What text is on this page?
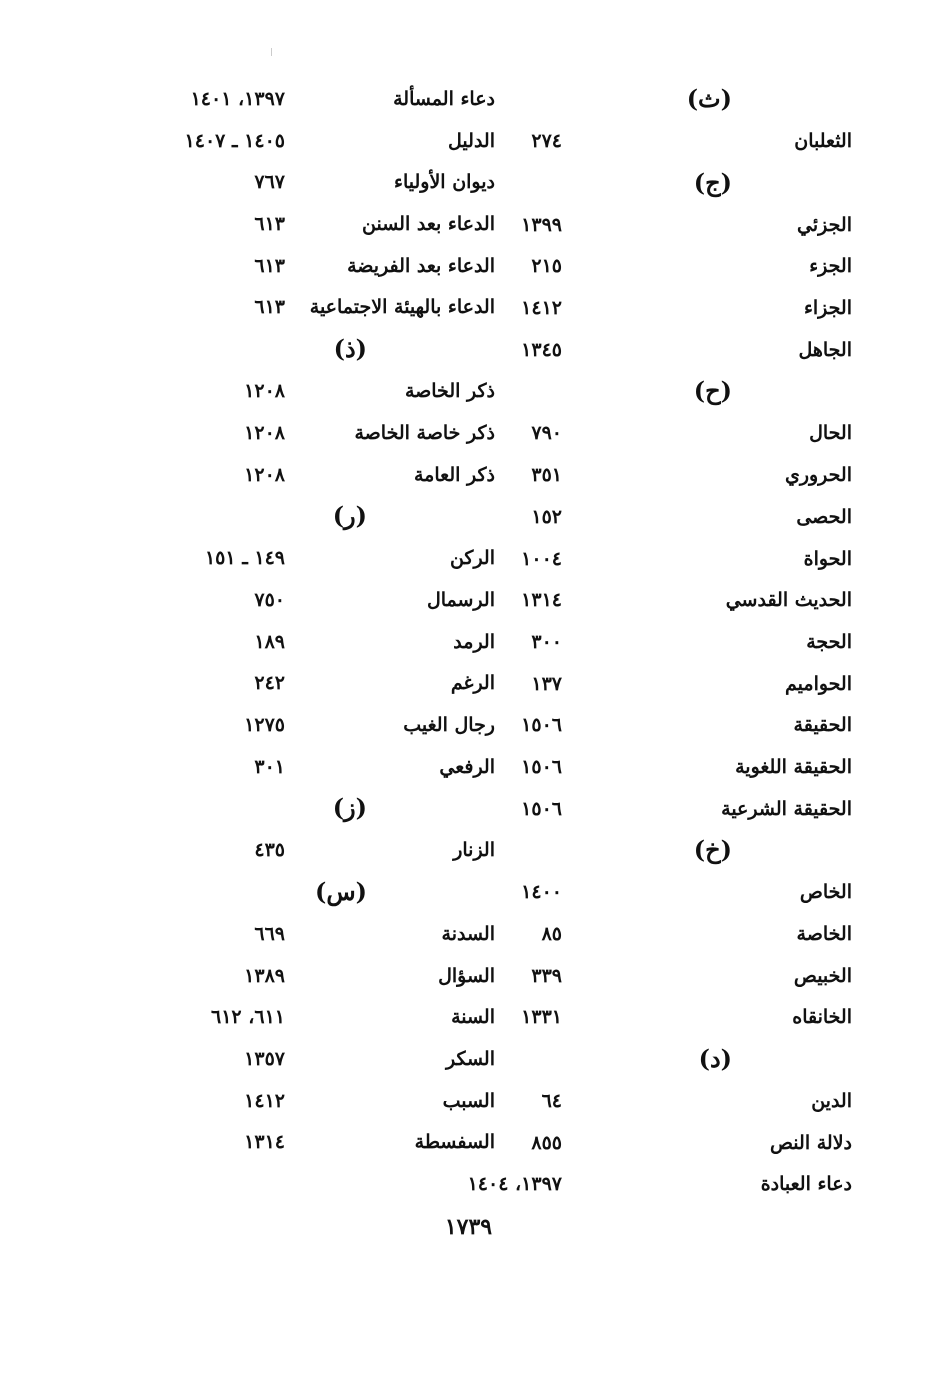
(ث)
الثعلبان
٢٧٤
(ج)
الجزئي
١٣٩٩
الجزء
٢١٥
الجزاء
١٤١٢
الجاهل
١٣٤٥
(ح)
الحال
٧٩٠
الحروري
٣٥١
الحصى
١٥٢
الحواة
١٠٠٤
الحديث القدسي
١٣١٤
الحجة
٣٠٠
الحواميم
١٣٧
الحقيقة
١٥٠٦
الحقيقة اللغوية
١٥٠٦
الحقيقة الشرعية
١٥٠٦
(خ)
الخاص
١٤٠٠
الخاصة
٨٥
الخبيص
٣٣٩
الخانقاه
١٣٣١
(د)
الدين
٦٤
دلالة النص
٨٥٥
دعاء العبادة
١٣٩٧، ١٤٠٤
دعاء المسألة
١٣٩٧، ١٤٠١
الدليل
١٤٠٥ ـ ١٤٠٧
ديوان الأولياء
٧٦٧
الدعاء بعد السنن
٦١٣
الدعاء بعد الفريضة
٦١٣
الدعاء بالهيئة الاجتماعية
٦١٣
(ذ)
ذكر الخاصة
١٢٠٨
ذكر خاصة الخاصة
١٢٠٨
ذكر العامة
١٢٠٨
(ر)
الركن
١٤٩ ـ ١٥١
الرسمال
٧٥٠
الرمد
١٨٩
الرغم
٢٤٢
رجال الغيب
١٢٧٥
الرفعي
٣٠١
(ز)
الزنار
٤٣٥
(س)
السدنة
٦٦٩
السؤال
١٣٨٩
السنة
٦١١، ٦١٢
السكر
١٣٥٧
السبب
١٤١٢
السفسطة
١٣١٤
١٧٣٩
